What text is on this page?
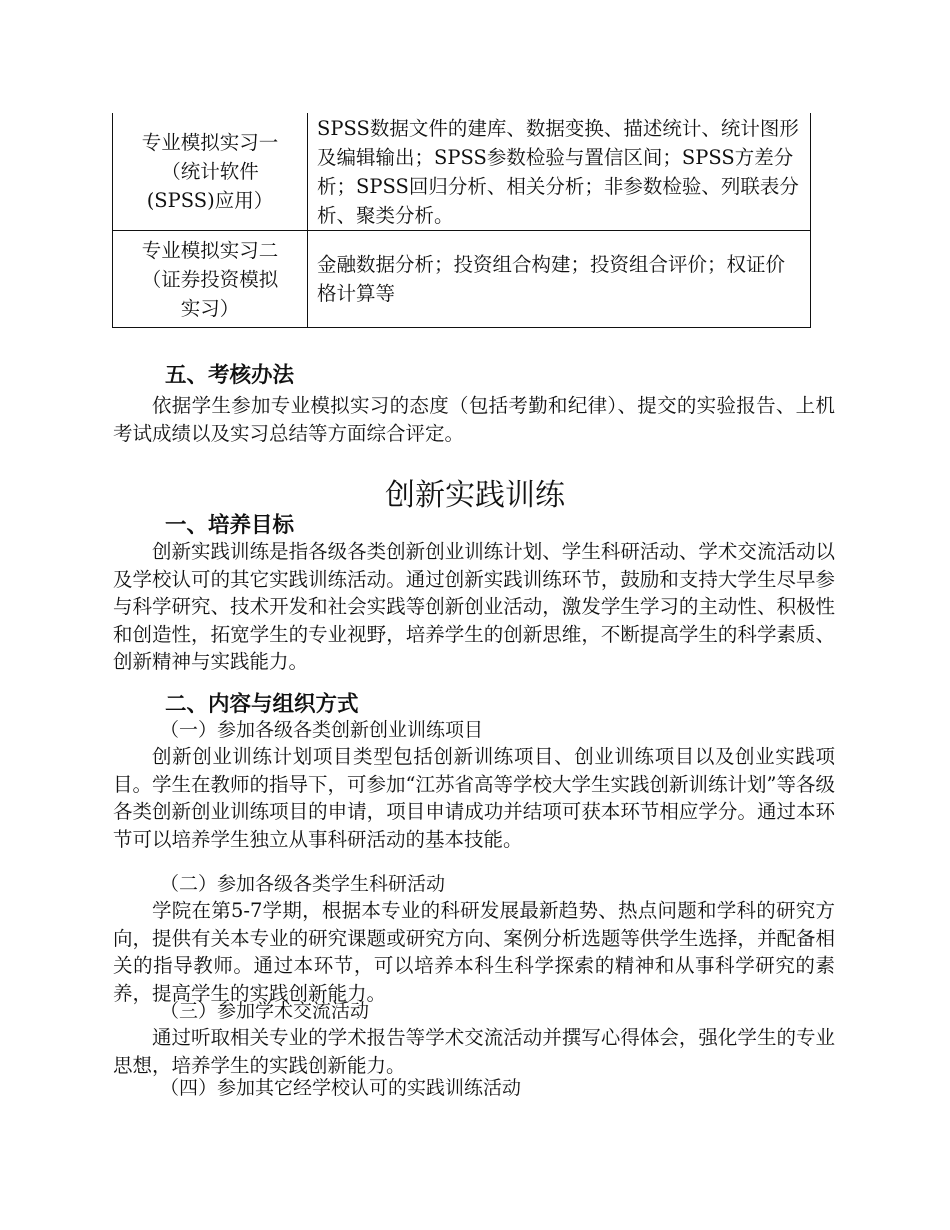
专业模拟实习一
（统计软件
(SPSS)应用）	SPSS数据文件的建库、数据变换、描述统计、统计图形及编辑输出；SPSS参数检验与置信区间；SPSS方差分析；SPSS回归分析、相关分析；非参数检验、列联表分析、聚类分析。

专业模拟实习二
（证券投资模拟
实习）	金融数据分析；投资组合构建；投资组合评价；权证价格计算等
五、考核办法

依据学生参加专业模拟实习的态度（包括考勤和纪律）、提交的实验报告、上机考试成绩以及实习总结等方面综合评定。

创新实践训练
一、培养目标

创新实践训练是指各级各类创新创业训练计划、学生科研活动、学术交流活动以及学校认可的其它实践训练活动。通过创新实践训练环节，鼓励和支持大学生尽早参与科学研究、技术开发和社会实践等创新创业活动，激发学生学习的主动性、积极性和创造性，拓宽学生的专业视野，培养学生的创新思维，不断提高学生的科学素质、创新精神与实践能力。

二、内容与组织方式

（一）参加各级各类创新创业训练项目

创新创业训练计划项目类型包括创新训练项目、创业训练项目以及创业实践项目。学生在教师的指导下，可参加“江苏省高等学校大学生实践创新训练计划”等各级各类创新创业训练项目的申请，项目申请成功并结项可获本环节相应学分。通过本环节可以培养学生独立从事科研活动的基本技能。

（二）参加各级各类学生科研活动

学院在第5-7学期，根据本专业的科研发展最新趋势、热点问题和学科的研究方向，提供有关本专业的研究课题或研究方向、案例分析选题等供学生选择，并配备相关的指导教师。通过本环节，可以培养本科生科学探索的精神和从事科学研究的素养，提高学生的实践创新能力。

（三）参加学术交流活动

通过听取相关专业的学术报告等学术交流活动并撰写心得体会，强化学生的专业思想，培养学生的实践创新能力。

（四）参加其它经学校认可的实践训练活动
